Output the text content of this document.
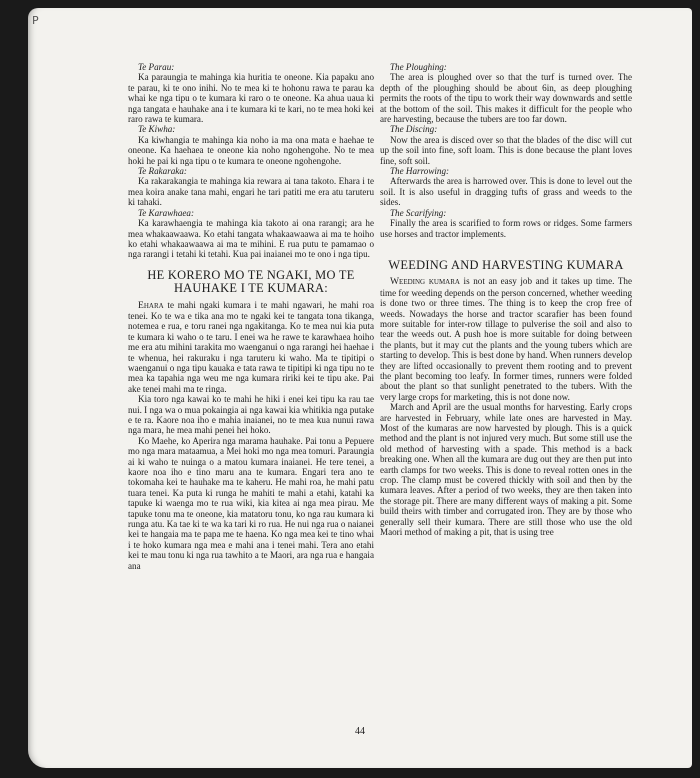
P

Te Parau:

Ka paraungia te mahinga kia huritia te oneone. Kia papaku ano te parau, ki te ono inihi. No te mea ki te hohonu rawa te parau ka whai ke nga tipu o te kumara ki raro o te oneone. Ka ahua uaua ki nga tangata e hauhake ana i te kumara ki te kari, no te mea hoki kei raro rawa te kumara.

Te Kiwha:

Ka kiwhangia te mahinga kia noho ia ma ona mata e haehae te oneone. Ka haehaea te oneone kia noho ngohengohe. No te mea hoki he pai ki nga tipu o te kumara te oneone ngohengohe.

Te Rakaraka:

Ka rakarakangia te mahinga kia rewara ai tana takoto. Ehara i te mea koira anake tana mahi, engari he tari patiti me era atu taruteru ki tahaki.

Te Karawhaea:

Ka karawhaengia te mahinga kia takoto ai ona rarangi; ara he mea whakaawaawa. Ko etahi tangata whakaawaawa ai ma te hoiho ko etahi whakaawaawa ai ma te mihini. E rua putu te pamamao o nga rarangi i tetahi ki tetahi. Kua pai inaianei mo te ono i nga tipu.

HE KORERO MO TE NGAKI, MO TE HAUHAKE I TE KUMARA:

Ehara te mahi ngaki kumara i te mahi ngawari, he mahi roa tenei. Ko te wa e tika ana mo te ngaki kei te tangata tona tikanga, notemea e rua, e toru ranei nga ngakitanga. Ko te mea nui kia puta te kumara ki waho o te taru. I enei wa he rawe te karawhaea hoiho me era atu mihini tarakita mo waenganui o nga rarangi hei haehae i te whenua, hei rakuraku i nga taruteru ki waho. Ma te tipitipi o waenganui o nga tipu kauaka e tata rawa te tipitipi ki nga tipu no te mea ka tapahia nga weu me nga kumara ririki kei te tipu ake. Pai ake tenei mahi ma te ringa.

Kia toro nga kawai ko te mahi he hiki i enei kei tipu ka rau tae nui. I nga wa o mua pokaingia ai nga kawai kia whitikia nga putake e te ra. Kaore noa iho e mahia inaianei, no te mea kua nunui rawa nga mara, he mea mahi penei hei hoko.

Ko Maehe, ko Aperira nga marama hauhake. Pai tonu a Pepuere mo nga mara mataamua, a Mei hoki mo nga mea tomuri. Paraungia ai ki waho te nuinga o a matou kumara inaianei. He tere tenei, a kaore noa iho e tino maru ana te kumara. Engari tera ano te tokomaha kei te hauhake ma te kaheru. He mahi roa, he mahi patu tuara tenei. Ka puta ki runga he mahiti te mahi a etahi, katahi ka tapuke ki waenga mo te rua wiki, kia kitea ai nga mea pirau. Me tapuke tonu ma te oneone, kia matatoru tonu, ko nga rau kumara ki runga atu. Ka tae ki te wa ka tari ki ro rua. He nui nga rua o naianei kei te hangaia ma te papa me te haena. Ko nga mea kei te tino whai i te hoko kumara nga mea e mahi ana i tenei mahi. Tera ano etahi kei te mau tonu ki nga rua tawhito a te Maori, ara nga rua e hangaia ana

The Ploughing:

The area is ploughed over so that the turf is turned over. The depth of the ploughing should be about 6in, as deep ploughing permits the roots of the tipu to work their way downwards and settle at the bottom of the soil. This makes it difficult for the people who are harvesting, because the tubers are too far down.

The Discing:

Now the area is disced over so that the blades of the disc will cut up the soil into fine, soft loam. This is done because the plant loves fine, soft soil.

The Harrowing:

Afterwards the area is harrowed over. This is done to level out the soil. It is also useful in dragging tufts of grass and weeds to the sides.

The Scarifying:

Finally the area is scarified to form rows or ridges. Some farmers use horses and tractor implements.

WEEDING AND HARVESTING KUMARA

Weeding kumara is not an easy job and it takes up time. The time for weeding depends on the person concerned, whether weeding is done two or three times. The thing is to keep the crop free of weeds. Nowadays the horse and tractor scarafier has been found more suitable for inter-row tillage to pulverise the soil and also to tear the weeds out. A push hoe is more suitable for doing between the plants, but it may cut the plants and the young tubers which are starting to develop. This is best done by hand. When runners develop they are lifted occasionally to prevent them rooting and to prevent the plant becoming too leafy. In former times, runners were folded about the plant so that sunlight penetrated to the tubers. With the very large crops for marketing, this is not done now.

March and April are the usual months for harvesting. Early crops are harvested in February, while late ones are harvested in May. Most of the kumaras are now harvested by plough. This is a quick method and the plant is not injured very much. But some still use the old method of harvesting with a spade. This method is a back breaking one. When all the kumara are dug out they are then put into earth clamps for two weeks. This is done to reveal rotten ones in the crop. The clamp must be covered thickly with soil and then by the kumara leaves. After a period of two weeks, they are then taken into the storage pit. There are many different ways of making a pit. Some build theirs with timber and corrugated iron. They are by those who generally sell their kumara. There are still those who use the old Maori method of making a pit, that is using tree

44
